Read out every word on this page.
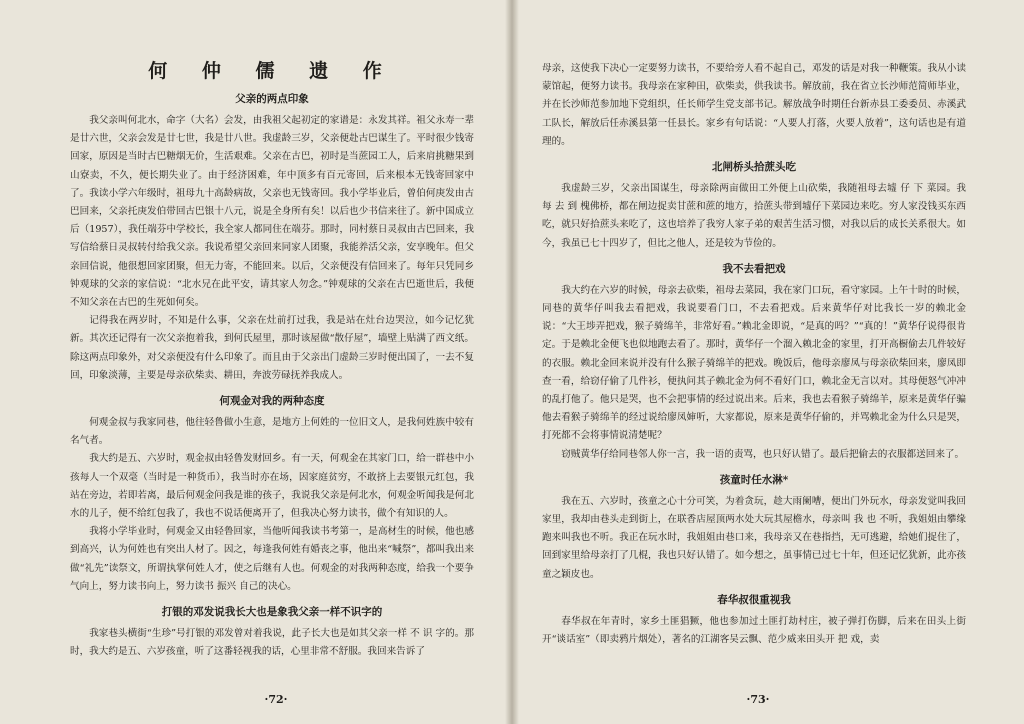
何 仲 儒 遗 作
父亲的两点印象

我父亲叫何北水，命字（大名）会发，由我祖父起初定的家谱是：永发其祥。祖父永寿一辈是廿六世，父亲会发是廿七世，我是廿八世。我虚龄三岁，父亲便赴古巴谋生了。平时很少钱寄回家，原因是当时古巴糖烟无价，生活艰难。父亲在古巴，初时是当蔗园工人，后来肩挑糖果到山寮卖，不久，便长期失业了。由于经济困难，年中顶多有百元寄回，后来根本无钱寄回家中了。我读小学六年级时，祖母九十高龄病故，父亲也无钱寄回。我小学毕业后，曾伯何庚发由古巴回来，父亲托庚发伯带回古巴银十八元，说是全身所有矣！以后也少书信来往了。新中国成立后（1957），我任端芬中学校长，我全家人都同住在端芬。那时，同村蔡日灵叔由古巴回来，我写信给蔡日灵叔转付给我父亲。我说希望父亲回来同家人团聚，我能养活父亲，安享晚年。但父亲回信说，他很想回家团聚，但无力寄，不能回来。以后，父亲便没有信回来了。每年只凭同乡钟观球的父亲的家信说：“北水兄在此平安，请其家人勿念。”钟观球的父亲在古巴逝世后，我便不知父亲在古巴的生死如何矣。

记得我在两岁时，不知是什么事，父亲在灶前打过我，我是站在灶台边哭泣，如今记忆犹新。其次还记得有一次父亲抱着我，到何氏屋里，那时该屋做“散仔屋”，墙壁上贴满了西文纸。除这两点印象外，对父亲便没有什么印象了。而且由于父亲出门虚龄三岁时便出国了，一去不复回，印象淡薄，主要是母亲砍柴卖、耕田，奔波劳碌抚养我成人。

何观金对我的两种态度

何观金叔与我家同巷，他往轻鲁做小生意，是地方上何姓的一位旧文人，是我何姓族中较有名气者。

我大约是五、六岁时，观金叔由轻鲁发财回乡。有一天，何观金在其家门口，给一群巷中小孩每人一个双毫（当时是一种货币），我当时亦在场，因家庭贫穷，不敢挤上去要银元红包，我站在旁边，若即若离，最后何观金问我是谁的孩子，我说我父亲是何北水，何观金听闻我是何北水的儿子，便不给红包我了，我也不说话便离开了，但我决心努力读书，做个有知识的人。

我将小学毕业时，何观金又由轻鲁回家，当他听闻我读书考第一，是高材生的时候，他也感到高兴，认为何姓也有突出人材了。因之，每逢我何姓有婚丧之事，他出来“喊祭”，都叫我出来做“礼先”读祭文，所谓执掌何姓人才，使之后继有人也。何观金的对我两种态度，给我一个要争气向上，努力读书向上，努力读书 振兴 自己的决心。

打银的邓发说我长大也是象我父亲一样不识字的

我家巷头横街“生珍”号打银的邓发曾对着我说，此子长大也是如其父亲一样 不 识 字的。那时，我大约是五、六岁孩童，听了这番轻视我的话，心里非常不舒服。我回来告诉了

·72·

母亲，这使我下决心一定要努力读书，不要给旁人看不起自己，邓发的话是对我一种鞭策。我从小读蒙馆起，便努力读书。我母亲在家种田，砍柴卖，供我读书。解放前，我在省立长沙师范简师毕业，并在长沙师范参加地下党组织，任长师学生党支部书记。解放战争时期任台新赤县工委委员、赤溪武工队长，解放后任赤溪县第一任县长。家乡有句话说：“人要人打落，火要人放着”，这句话也是有道理的。

北闸桥头拾蔗头吃

我虚龄三岁，父亲出国谋生，母亲除两亩做田工外便上山砍柴，我随祖母去墟 仔 下 菜园。我 每 去 到 槐佛桥，都在闸边捉卖甘蔗和蔗的地方，拾蔗头带到墟仔下菜园边来吃。穷人家没钱买东西吃，就只好拾蔗头来吃了，这也培养了我穷人家子弟的艰苦生活习惯，对我以后的成长关系很大。如今，我虽已七十四岁了，但比之他人，还是较为节俭的。

我不去看把戏

我大约在六岁的时候，母亲去砍柴，祖母去菜园，我在家门口玩，看守家园。上午十时的时候，同巷的黄华仔叫我去看把戏，我说要看门口，不去看把戏。后来黄华仔对比我长一岁的赖北金说：“大王埗弄把戏，猴子骑绵羊，非常好看。”赖北金即说，“是真的吗？”“真的！”黄华仔说得很肯定。于是赖北金便飞也似地跑去看了。那时，黄华仔一个溜入赖北金的家里，打开高橱偷去几件较好的衣服。赖北金回来说并没有什么猴子骑绵羊的把戏。晚饭后，他母亲廖凤与母亲砍柴回来，廖凤即查一看，给窃仔偷了几件衫，便执问其子赖北金为何不看好门口，赖北金无言以对。其母便怒气冲冲的乱打他了。他只是哭，也不会把事情的经过说出来。后来，我也去看猴子骑绵羊，原来是黄华仔骗他去看猴子骑绵羊的经过说给廖凤婶听，大家都说，原来是黄华仔偷的，并骂赖北金为什么只是哭，打死都不会将事情说清楚呢？

窃贼黄华仔给同巷邻人你一言，我一语的责骂，也只好认错了。最后把偷去的衣服都送回来了。

孩童时任水淋*

我在五、六岁时，孩童之心十分可笑，为着贪玩，趁大雨阑嘈，便出门外玩水，母亲发觉叫我回家里，我却由巷头走到街上，在联香店屋顶两水处大玩其屋檐水，母亲叫 我 也 不听，我姐姐由攀缘跑来叫我也不听。我正在玩水时，我姐姐由巷口来，我母亲又在巷指挡，无可逃避，给她们捉住了，回到家里给母亲打了几棍，我也只好认错了。如今想之，虽事情已过七十年，但还记忆犹新，此亦孩童之颖皮也。

春华叔很重视我

春华叔在年青时，家乡土匪猖獗，他也参加过土匪打劫村庄，被子弹打伤脚，后来在田头上街开“谈话室”（即卖鸦片烟处），著名的江湖客吴云飘、范少威来田头开 把 戏，卖

·73·
